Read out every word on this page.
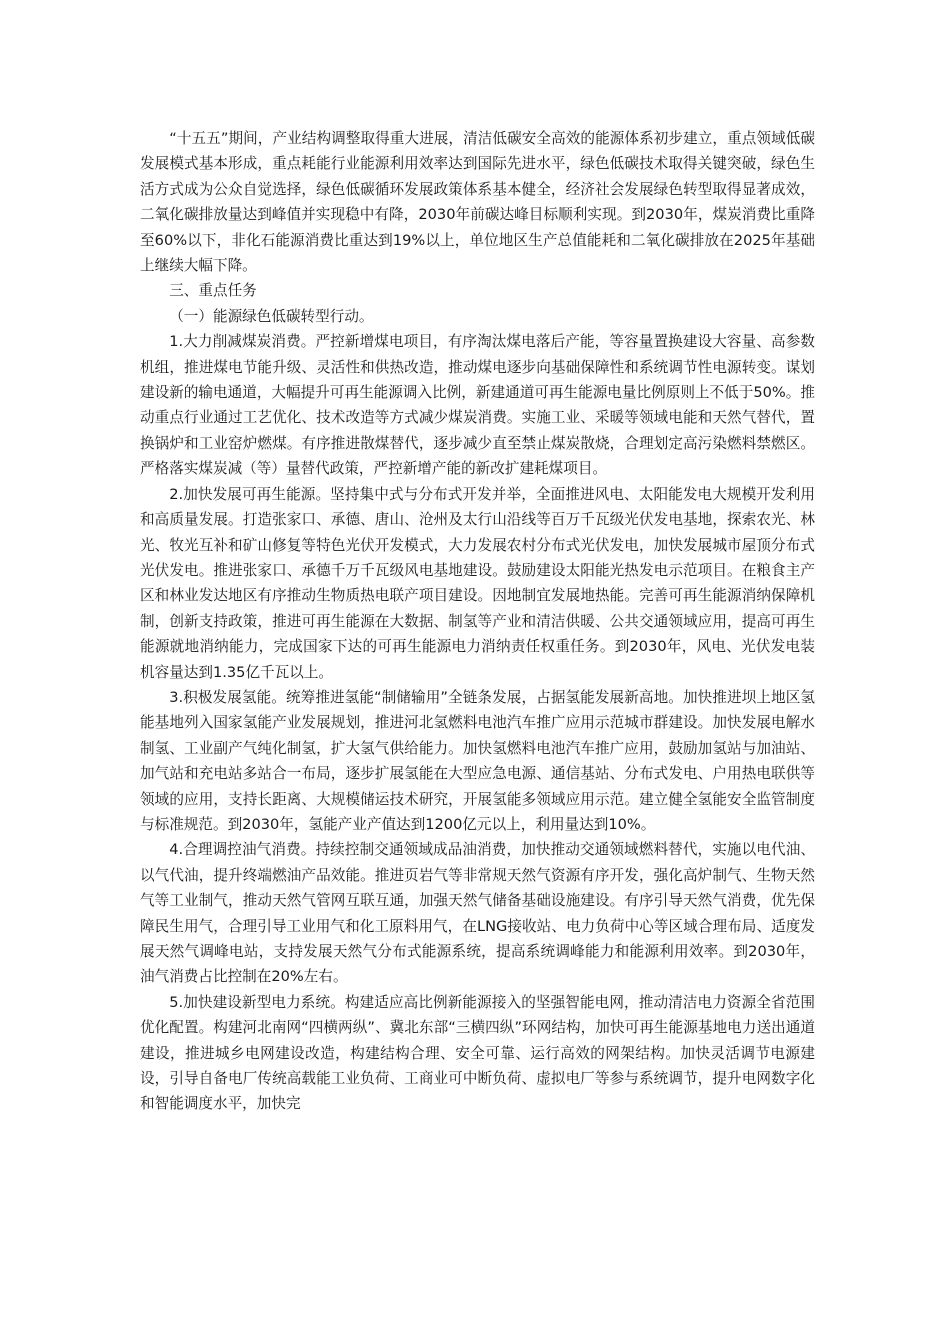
“十五五”期间，产业结构调整取得重大进展，清洁低碳安全高效的能源体系初步建立，重点领域低碳发展模式基本形成，重点耗能行业能源利用效率达到国际先进水平，绿色低碳技术取得关键突破，绿色生活方式成为公众自觉选择，绿色低碳循环发展政策体系基本健全，经济社会发展绿色转型取得显著成效，二氧化碳排放量达到峰值并实现稳中有降，2030年前碳达峰目标顺利实现。到2030年，煤炭消费比重降至60%以下，非化石能源消费比重达到19%以上，单位地区生产总值能耗和二氧化碳排放在2025年基础上继续大幅下降。

三、重点任务

（一）能源绿色低碳转型行动。

1.大力削减煤炭消费。严控新增煤电项目，有序淘汰煤电落后产能，等容量置换建设大容量、高参数机组，推进煤电节能升级、灵活性和供热改造，推动煤电逐步向基础保障性和系统调节性电源转变。谋划建设新的输电通道，大幅提升可再生能源调入比例，新建通道可再生能源电量比例原则上不低于50%。推动重点行业通过工艺优化、技术改造等方式减少煤炭消费。实施工业、采暖等领域电能和天然气替代，置换锅炉和工业窑炉燃煤。有序推进散煤替代，逐步减少直至禁止煤炭散烧，合理划定高污染燃料禁燃区。严格落实煤炭减（等）量替代政策，严控新增产能的新改扩建耗煤项目。

2.加快发展可再生能源。坚持集中式与分布式开发并举，全面推进风电、太阳能发电大规模开发利用和高质量发展。打造张家口、承德、唐山、沧州及太行山沿线等百万千瓦级光伏发电基地，探索农光、林光、牧光互补和矿山修复等特色光伏开发模式，大力发展农村分布式光伏发电，加快发展城市屋顶分布式光伏发电。推进张家口、承德千万千瓦级风电基地建设。鼓励建设太阳能光热发电示范项目。在粮食主产区和林业发达地区有序推动生物质热电联产项目建设。因地制宜发展地热能。完善可再生能源消纳保障机制，创新支持政策，推进可再生能源在大数据、制氢等产业和清洁供暖、公共交通领域应用，提高可再生能源就地消纳能力，完成国家下达的可再生能源电力消纳责任权重任务。到2030年，风电、光伏发电装机容量达到1.35亿千瓦以上。

3.积极发展氢能。统筹推进氢能“制储输用”全链条发展，占据氢能发展新高地。加快推进坝上地区氢能基地列入国家氢能产业发展规划，推进河北氢燃料电池汽车推广应用示范城市群建设。加快发展电解水制氢、工业副产气纯化制氢，扩大氢气供给能力。加快氢燃料电池汽车推广应用，鼓励加氢站与加油站、加气站和充电站多站合一布局，逐步扩展氢能在大型应急电源、通信基站、分布式发电、户用热电联供等领域的应用，支持长距离、大规模储运技术研究，开展氢能多领域应用示范。建立健全氢能安全监管制度与标准规范。到2030年，氢能产业产值达到1200亿元以上，利用量达到10%。

4.合理调控油气消费。持续控制交通领域成品油消费，加快推动交通领域燃料替代，实施以电代油、以气代油，提升终端燃油产品效能。推进页岩气等非常规天然气资源有序开发，强化高炉制气、生物天然气等工业制气，推动天然气管网互联互通，加强天然气储备基础设施建设。有序引导天然气消费，优先保障民生用气，合理引导工业用气和化工原料用气，在LNG接收站、电力负荷中心等区域合理布局、适度发展天然气调峰电站，支持发展天然气分布式能源系统，提高系统调峰能力和能源利用效率。到2030年，油气消费占比控制在20%左右。

5.加快建设新型电力系统。构建适应高比例新能源接入的坚强智能电网，推动清洁电力资源全省范围优化配置。构建河北南网“四横两纵”、冀北东部“三横四纵”环网结构，加快可再生能源基地电力送出通道建设，推进城乡电网建设改造，构建结构合理、安全可靠、运行高效的网架结构。加快灵活调节电源建设，引导自备电厂传统高载能工业负荷、工商业可中断负荷、虚拟电厂等参与系统调节，提升电网数字化和智能调度水平，加快完
